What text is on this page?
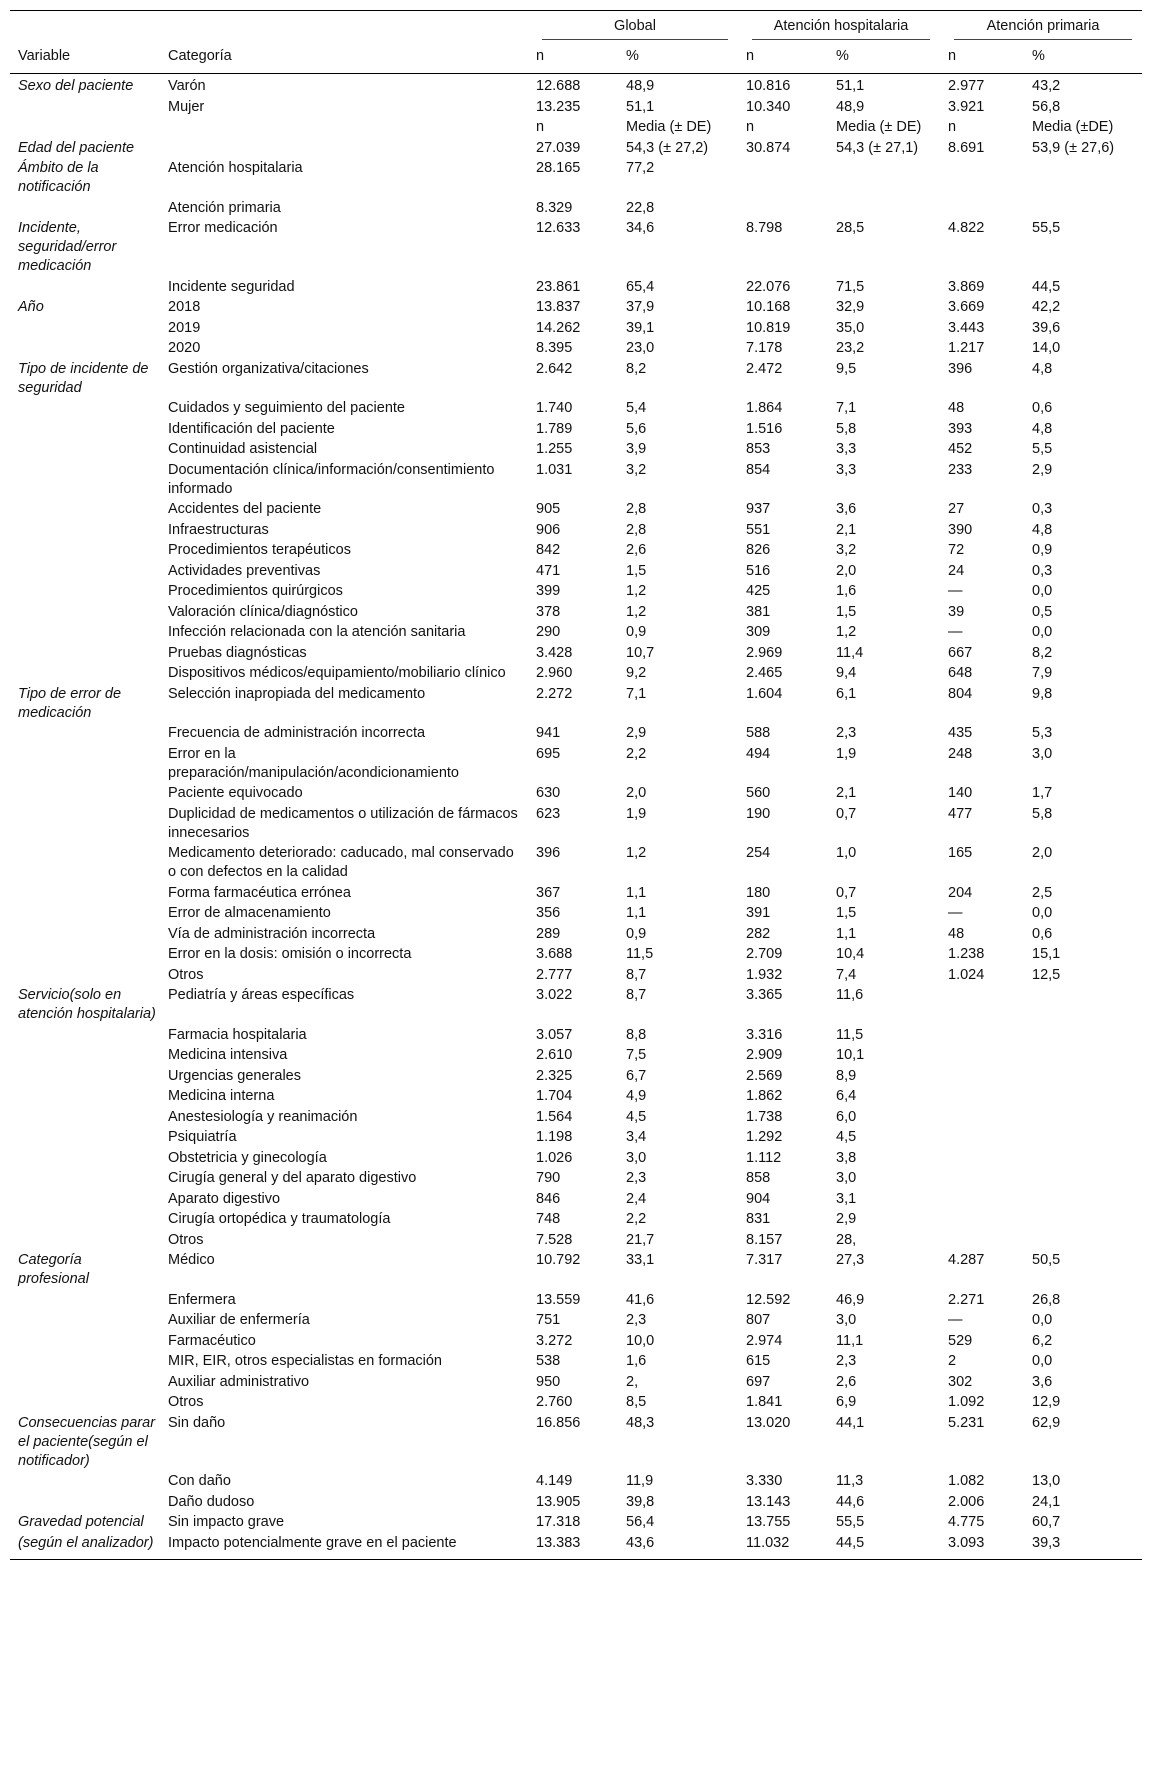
		Global		Atención hospitalaria		Atención primaria	

Variable	Categoría	n	%	n	%	n	%
Sexo del paciente	Varón	12.688	48,9	10.816	51,1	2.977	43,2
	Mujer	13.235	51,1	10.340	48,9	3.921	56,8
		n	Media (± DE)	n	Media (± DE)	n	Media (±DE)
Edad del paciente		27.039	54,3 (± 27,2)	30.874	54,3 (± 27,1)	8.691	53,9 (± 27,6)
Ámbito de la notificación	Atención hospitalaria	28.165	77,2				
	Atención primaria	8.329	22,8				
Incidente, seguridad/error medicación	Error medicación	12.633	34,6	8.798	28,5	4.822	55,5
	Incidente seguridad	23.861	65,4	22.076	71,5	3.869	44,5
Año	2018	13.837	37,9	10.168	32,9	3.669	42,2
	2019	14.262	39,1	10.819	35,0	3.443	39,6
	2020	8.395	23,0	7.178	23,2	1.217	14,0
Tipo de incidente de seguridad	Gestión organizativa/citaciones	2.642	8,2	2.472	9,5	396	4,8
	Cuidados y seguimiento del paciente	1.740	5,4	1.864	7,1	48	0,6
	Identificación del paciente	1.789	5,6	1.516	5,8	393	4,8
	Continuidad asistencial	1.255	3,9	853	3,3	452	5,5
	Documentación clínica/información/consentimiento informado	1.031	3,2	854	3,3	233	2,9
	Accidentes del paciente	905	2,8	937	3,6	27	0,3
	Infraestructuras	906	2,8	551	2,1	390	4,8
	Procedimientos terapéuticos	842	2,6	826	3,2	72	0,9
	Actividades preventivas	471	1,5	516	2,0	24	0,3
	Procedimientos quirúrgicos	399	1,2	425	1,6	—	0,0
	Valoración clínica/diagnóstico	378	1,2	381	1,5	39	0,5
	Infección relacionada con la atención sanitaria	290	0,9	309	1,2	—	0,0
	Pruebas diagnósticas	3.428	10,7	2.969	11,4	667	8,2
	Dispositivos médicos/equipamiento/mobiliario clínico	2.960	9,2	2.465	9,4	648	7,9
Tipo de error de medicación	Selección inapropiada del medicamento	2.272	7,1	1.604	6,1	804	9,8
	Frecuencia de administración incorrecta	941	2,9	588	2,3	435	5,3
	Error en la preparación/manipulación/acondicionamiento	695	2,2	494	1,9	248	3,0
	Paciente equivocado	630	2,0	560	2,1	140	1,7
	Duplicidad de medicamentos o utilización de fármacos innecesarios	623	1,9	190	0,7	477	5,8
	Medicamento deteriorado: caducado, mal conservado o con defectos en la calidad	396	1,2	254	1,0	165	2,0
	Forma farmacéutica errónea	367	1,1	180	0,7	204	2,5
	Error de almacenamiento	356	1,1	391	1,5	—	0,0
	Vía de administración incorrecta	289	0,9	282	1,1	48	0,6
	Error en la dosis: omisión o incorrecta	3.688	11,5	2.709	10,4	1.238	15,1
	Otros	2.777	8,7	1.932	7,4	1.024	12,5
Servicio(solo en atención hospitalaria)	Pediatría y áreas específicas	3.022	8,7	3.365	11,6		
	Farmacia hospitalaria	3.057	8,8	3.316	11,5		
	Medicina intensiva	2.610	7,5	2.909	10,1		
	Urgencias generales	2.325	6,7	2.569	8,9		
	Medicina interna	1.704	4,9	1.862	6,4		
	Anestesiología y reanimación	1.564	4,5	1.738	6,0		
	Psiquiatría	1.198	3,4	1.292	4,5		
	Obstetricia y ginecología	1.026	3,0	1.112	3,8		
	Cirugía general y del aparato digestivo	790	2,3	858	3,0		
	Aparato digestivo	846	2,4	904	3,1		
	Cirugía ortopédica y traumatología	748	2,2	831	2,9		
	Otros	7.528	21,7	8.157	28,		
Categoría profesional	Médico	10.792	33,1	7.317	27,3	4.287	50,5
	Enfermera	13.559	41,6	12.592	46,9	2.271	26,8
	Auxiliar de enfermería	751	2,3	807	3,0	—	0,0
	Farmacéutico	3.272	10,0	2.974	11,1	529	6,2
	MIR, EIR, otros especialistas en formación	538	1,6	615	2,3	2	0,0
	Auxiliar administrativo	950	2,	697	2,6	302	3,6
	Otros	2.760	8,5	1.841	6,9	1.092	12,9
Consecuencias parar el paciente(según el notificador)	Sin daño	16.856	48,3	13.020	44,1	5.231	62,9
	Con daño	4.149	11,9	3.330	11,3	1.082	13,0
	Daño dudoso	13.905	39,8	13.143	44,6	2.006	24,1
Gravedad potencial	Sin impacto grave	17.318	56,4	13.755	55,5	4.775	60,7
(según el analizador)	Impacto potencialmente grave en el paciente	13.383	43,6	11.032	44,5	3.093	39,3
